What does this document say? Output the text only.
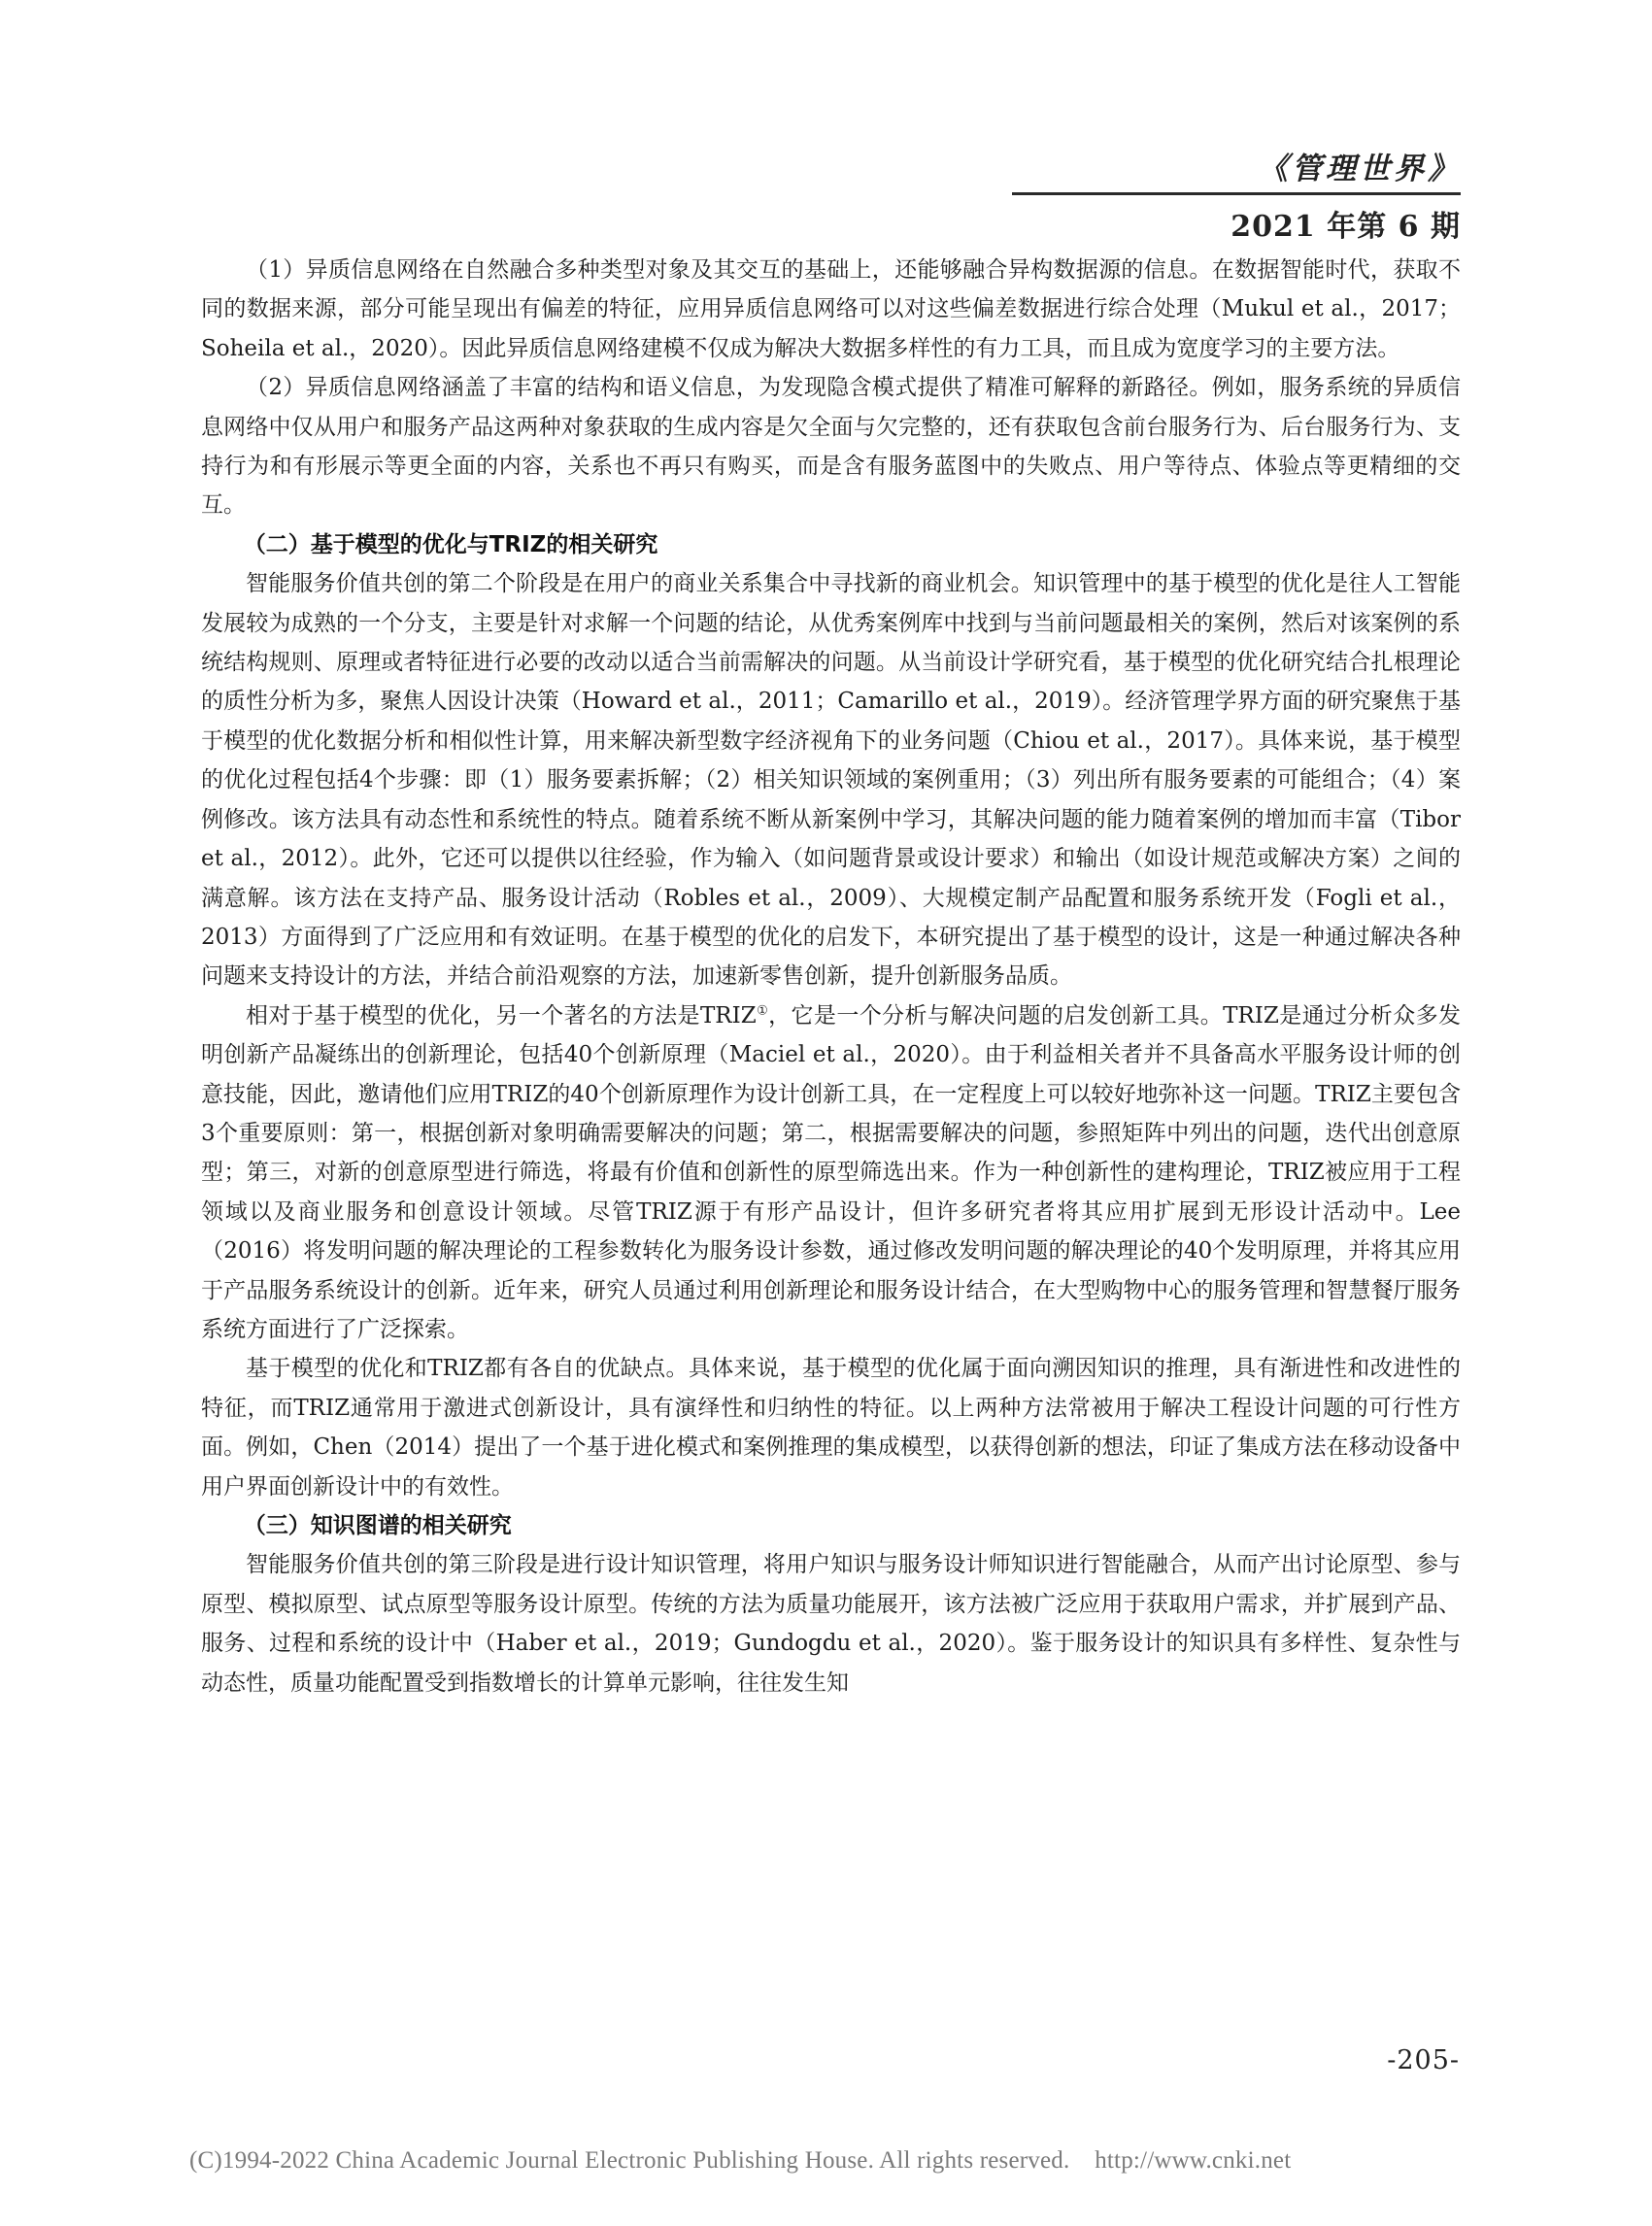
《管理世界》
2021 年第 6 期

（1）异质信息网络在自然融合多种类型对象及其交互的基础上，还能够融合异构数据源的信息。在数据智能时代，获取不同的数据来源，部分可能呈现出有偏差的特征，应用异质信息网络可以对这些偏差数据进行综合处理（Mukul et al.，2017；Soheila et al.，2020）。因此异质信息网络建模不仅成为解决大数据多样性的有力工具，而且成为宽度学习的主要方法。

（2）异质信息网络涵盖了丰富的结构和语义信息，为发现隐含模式提供了精准可解释的新路径。例如，服务系统的异质信息网络中仅从用户和服务产品这两种对象获取的生成内容是欠全面与欠完整的，还有获取包含前台服务行为、后台服务行为、支持行为和有形展示等更全面的内容，关系也不再只有购买，而是含有服务蓝图中的失败点、用户等待点、体验点等更精细的交互。

（二）基于模型的优化与TRIZ的相关研究

智能服务价值共创的第二个阶段是在用户的商业关系集合中寻找新的商业机会。知识管理中的基于模型的优化是往人工智能发展较为成熟的一个分支，主要是针对求解一个问题的结论，从优秀案例库中找到与当前问题最相关的案例，然后对该案例的系统结构规则、原理或者特征进行必要的改动以适合当前需解决的问题。从当前设计学研究看，基于模型的优化研究结合扎根理论的质性分析为多，聚焦人因设计决策（Howard et al.，2011；Camarillo et al.，2019）。经济管理学界方面的研究聚焦于基于模型的优化数据分析和相似性计算，用来解决新型数字经济视角下的业务问题（Chiou et al.，2017）。具体来说，基于模型的优化过程包括4个步骤：即（1）服务要素拆解；（2）相关知识领域的案例重用；（3）列出所有服务要素的可能组合；（4）案例修改。该方法具有动态性和系统性的特点。随着系统不断从新案例中学习，其解决问题的能力随着案例的增加而丰富（Tibor et al.，2012）。此外，它还可以提供以往经验，作为输入（如问题背景或设计要求）和输出（如设计规范或解决方案）之间的满意解。该方法在支持产品、服务设计活动（Robles et al.，2009）、大规模定制产品配置和服务系统开发（Fogli et al.，2013）方面得到了广泛应用和有效证明。在基于模型的优化的启发下，本研究提出了基于模型的设计，这是一种通过解决各种问题来支持设计的方法，并结合前沿观察的方法，加速新零售创新，提升创新服务品质。

相对于基于模型的优化，另一个著名的方法是TRIZ①，它是一个分析与解决问题的启发创新工具。TRIZ是通过分析众多发明创新产品凝练出的创新理论，包括40个创新原理（Maciel et al.，2020）。由于利益相关者并不具备高水平服务设计师的创意技能，因此，邀请他们应用TRIZ的40个创新原理作为设计创新工具，在一定程度上可以较好地弥补这一问题。TRIZ主要包含3个重要原则：第一，根据创新对象明确需要解决的问题；第二，根据需要解决的问题，参照矩阵中列出的问题，迭代出创意原型；第三，对新的创意原型进行筛选，将最有价值和创新性的原型筛选出来。作为一种创新性的建构理论，TRIZ被应用于工程领域以及商业服务和创意设计领域。尽管TRIZ源于有形产品设计，但许多研究者将其应用扩展到无形设计活动中。Lee（2016）将发明问题的解决理论的工程参数转化为服务设计参数，通过修改发明问题的解决理论的40个发明原理，并将其应用于产品服务系统设计的创新。近年来，研究人员通过利用创新理论和服务设计结合，在大型购物中心的服务管理和智慧餐厅服务系统方面进行了广泛探索。

基于模型的优化和TRIZ都有各自的优缺点。具体来说，基于模型的优化属于面向溯因知识的推理，具有渐进性和改进性的特征，而TRIZ通常用于激进式创新设计，具有演绎性和归纳性的特征。以上两种方法常被用于解决工程设计问题的可行性方面。例如，Chen（2014）提出了一个基于进化模式和案例推理的集成模型，以获得创新的想法，印证了集成方法在移动设备中用户界面创新设计中的有效性。

（三）知识图谱的相关研究

智能服务价值共创的第三阶段是进行设计知识管理，将用户知识与服务设计师知识进行智能融合，从而产出讨论原型、参与原型、模拟原型、试点原型等服务设计原型。传统的方法为质量功能展开，该方法被广泛应用于获取用户需求，并扩展到产品、服务、过程和系统的设计中（Haber et al.，2019；Gundogdu et al.，2020）。鉴于服务设计的知识具有多样性、复杂性与动态性，质量功能配置受到指数增长的计算单元影响，往往发生知

-205-
(C)1994-2022 China Academic Journal Electronic Publishing House. All rights reserved.    http://www.cnki.net
